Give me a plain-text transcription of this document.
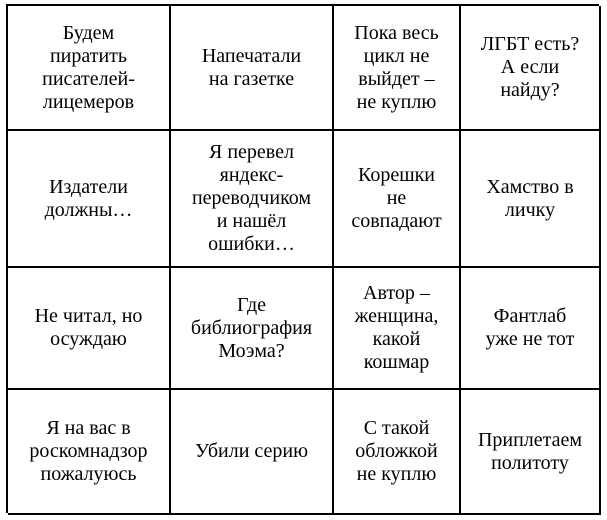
Будем
пиратить
писателей-
лицемеров
Напечатали
на газетке
Пока весь
цикл не
выйдет –
не куплю
ЛГБТ есть?
А если
найду?
Издатели
должны…
Я перевел
яндекс-
переводчиком
и нашёл
ошибки…
Корешки
не
совпадают
Хамство в
личку
Не читал, но
осуждаю
Где
библиография
Моэма?
Автор –
женщина,
какой
кошмар
Фантлаб
уже не тот
Я на вас в
роскомнадзор
пожалуюсь
Убили серию
С такой
обложкой
не куплю
Приплетаем
политоту
